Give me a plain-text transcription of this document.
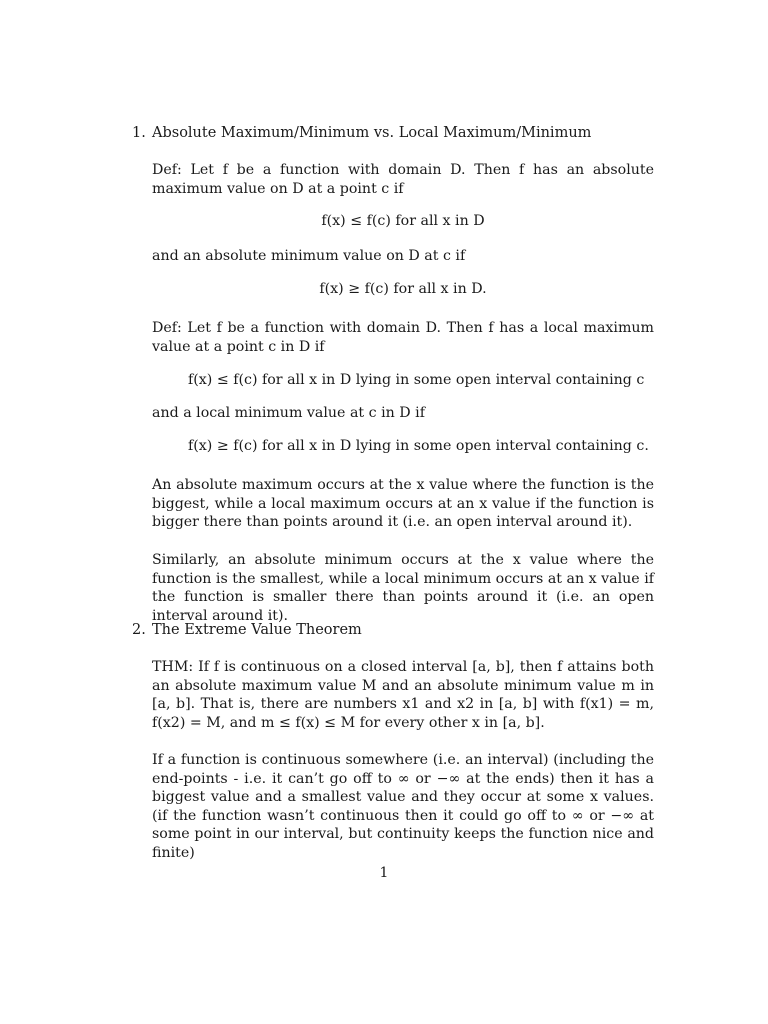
1. Absolute Maximum/Minimum vs. Local Maximum/Minimum
Def: Let f be a function with domain D. Then f has an absolute maximum value on D at a point c if
f(x) ≤ f(c) for all x in D
and an absolute minimum value on D at c if
f(x) ≥ f(c) for all x in D.
Def: Let f be a function with domain D. Then f has a local maximum value at a point c in D if
f(x) ≤ f(c) for all x in D lying in some open interval containing c
and a local minimum value at c in D if
f(x) ≥ f(c) for all x in D lying in some open interval containing c.
An absolute maximum occurs at the x value where the function is the biggest, while a local maximum occurs at an x value if the function is bigger there than points around it (i.e. an open interval around it).
Similarly, an absolute minimum occurs at the x value where the function is the smallest, while a local minimum occurs at an x value if the function is smaller there than points around it (i.e. an open interval around it).
2. The Extreme Value Theorem
THM: If f is continuous on a closed interval [a, b], then f attains both an absolute maximum value M and an absolute minimum value m in [a, b]. That is, there are numbers x1 and x2 in [a, b] with f(x1) = m, f(x2) = M, and m ≤ f(x) ≤ M for every other x in [a, b].
If a function is continuous somewhere (i.e. an interval) (including the end-points - i.e. it can’t go off to ∞ or −∞ at the ends) then it has a biggest value and a smallest value and they occur at some x values. (if the function wasn’t continuous then it could go off to ∞ or −∞ at some point in our interval, but continuity keeps the function nice and finite)
1
